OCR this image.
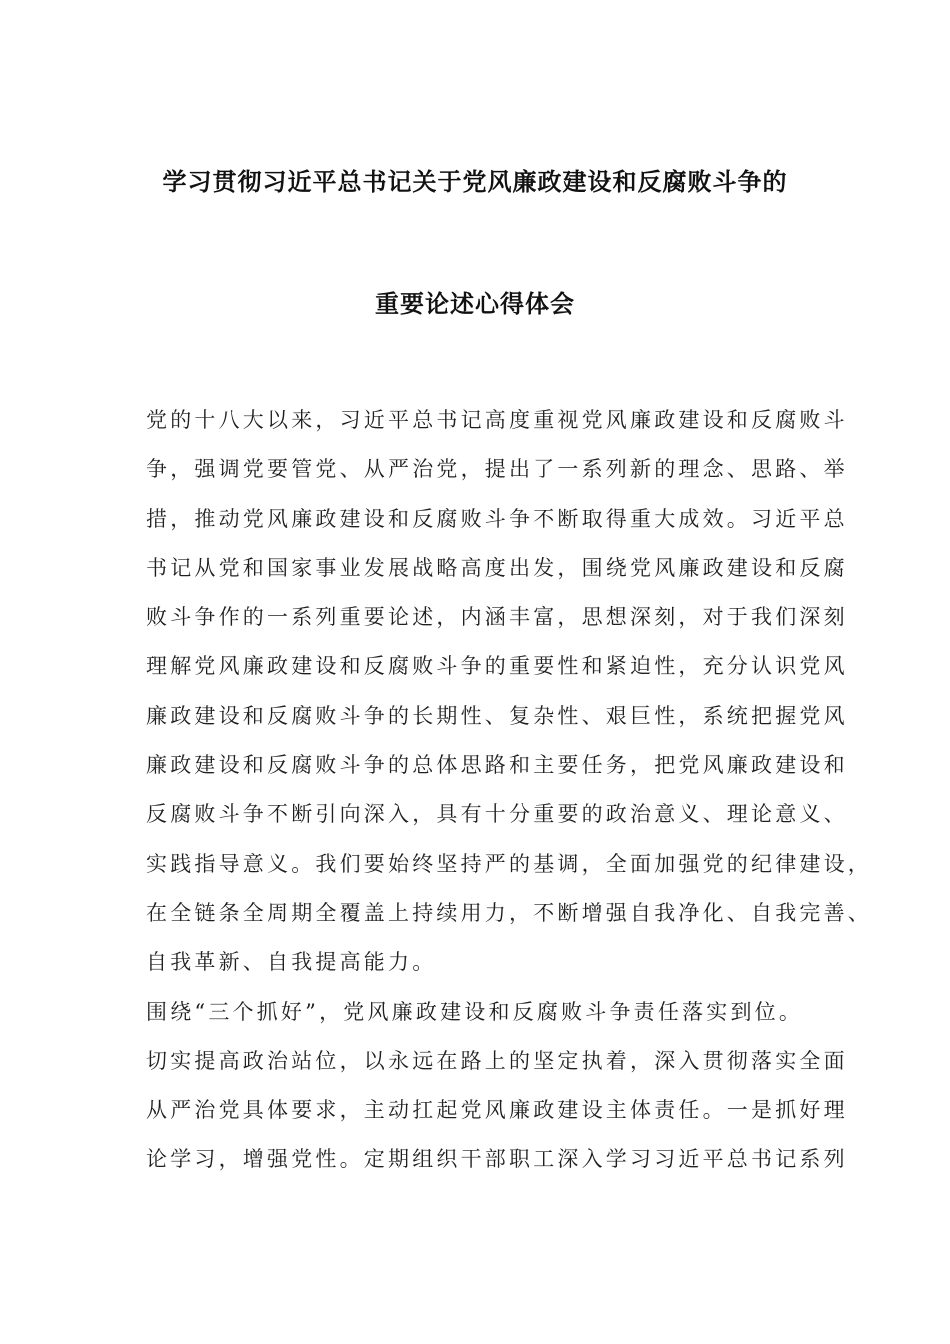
学习贯彻习近平总书记关于党风廉政建设和反腐败斗争的
重要论述心得体会
党的十八大以来，习近平总书记高度重视党风廉政建设和反腐败斗
争，强调党要管党、从严治党，提出了一系列新的理念、思路、举
措，推动党风廉政建设和反腐败斗争不断取得重大成效。习近平总
书记从党和国家事业发展战略高度出发，围绕党风廉政建设和反腐
败斗争作的一系列重要论述，内涵丰富，思想深刻，对于我们深刻
理解党风廉政建设和反腐败斗争的重要性和紧迫性，充分认识党风
廉政建设和反腐败斗争的长期性、复杂性、艰巨性，系统把握党风
廉政建设和反腐败斗争的总体思路和主要任务，把党风廉政建设和
反腐败斗争不断引向深入，具有十分重要的政治意义、理论意义、
实践指导意义。我们要始终坚持严的基调，全面加强党的纪律建设，
在全链条全周期全覆盖上持续用力，不断增强自我净化、自我完善、
自我革新、自我提高能力。
围绕“三个抓好”，党风廉政建设和反腐败斗争责任落实到位。
切实提高政治站位，以永远在路上的坚定执着，深入贯彻落实全面
从严治党具体要求，主动扛起党风廉政建设主体责任。一是抓好理
论学习，增强党性。定期组织干部职工深入学习习近平总书记系列
